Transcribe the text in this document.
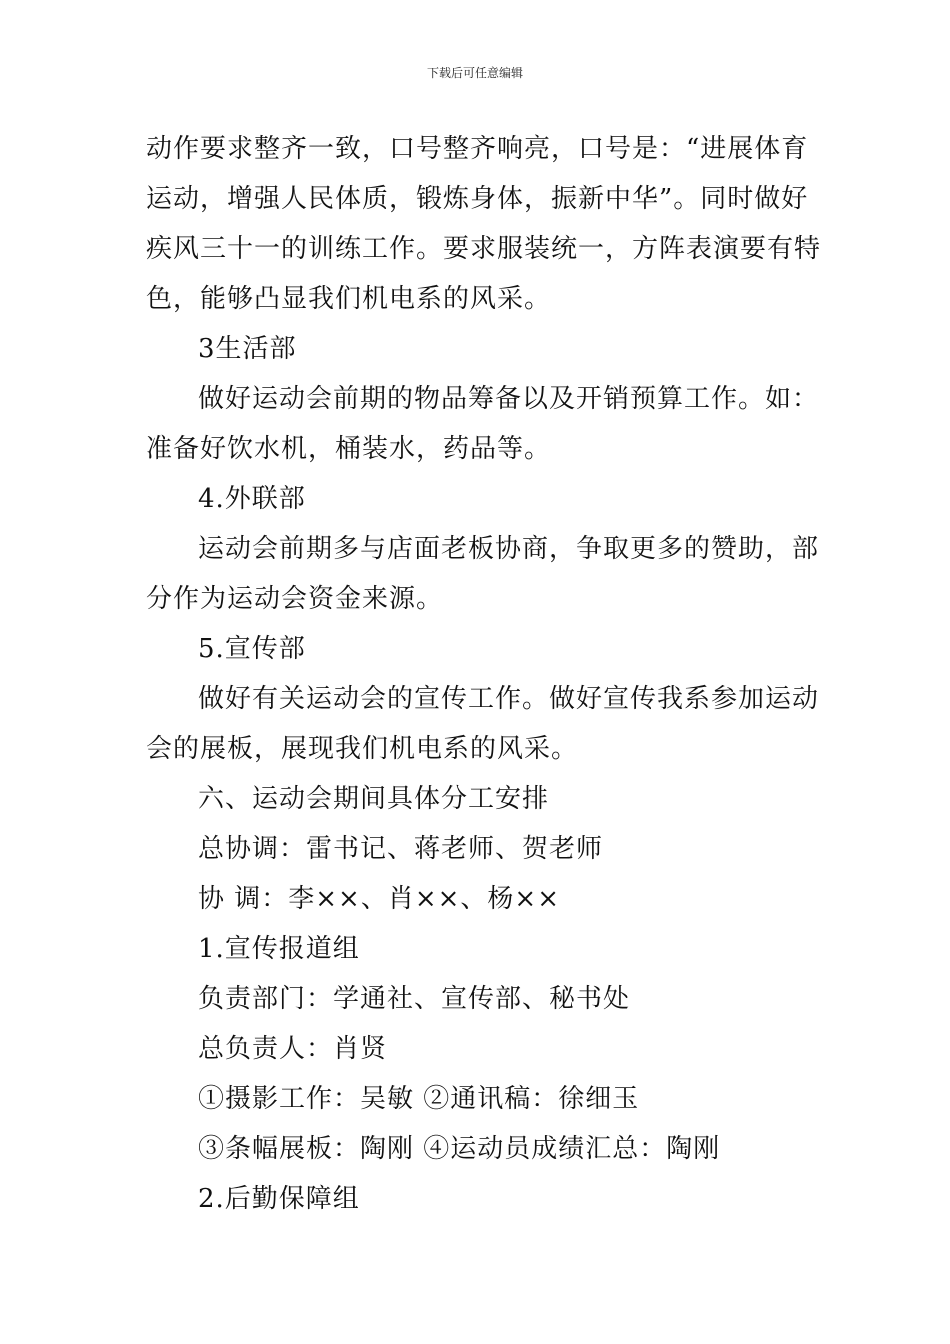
下载后可任意编辑
动作要求整齐一致，口号整齐响亮，口号是：“进展体育
运动，增强人民体质，锻炼身体，振新中华”。同时做好
疾风三十一的训练工作。要求服装统一，方阵表演要有特
色，能够凸显我们机电系的风采。
3生活部
做好运动会前期的物品筹备以及开销预算工作。如：
准备好饮水机，桶装水，药品等。
4.外联部
运动会前期多与店面老板协商，争取更多的赞助，部
分作为运动会资金来源。
5.宣传部
做好有关运动会的宣传工作。做好宣传我系参加运动
会的展板，展现我们机电系的风采。
六、运动会期间具体分工安排
总协调：雷书记、蒋老师、贺老师
协 调：李××、肖××、杨××
1.宣传报道组
负责部门：学通社、宣传部、秘书处
总负责人：肖贤
①摄影工作：吴敏 ②通讯稿：徐细玉
③条幅展板：陶刚 ④运动员成绩汇总：陶刚
2.后勤保障组
